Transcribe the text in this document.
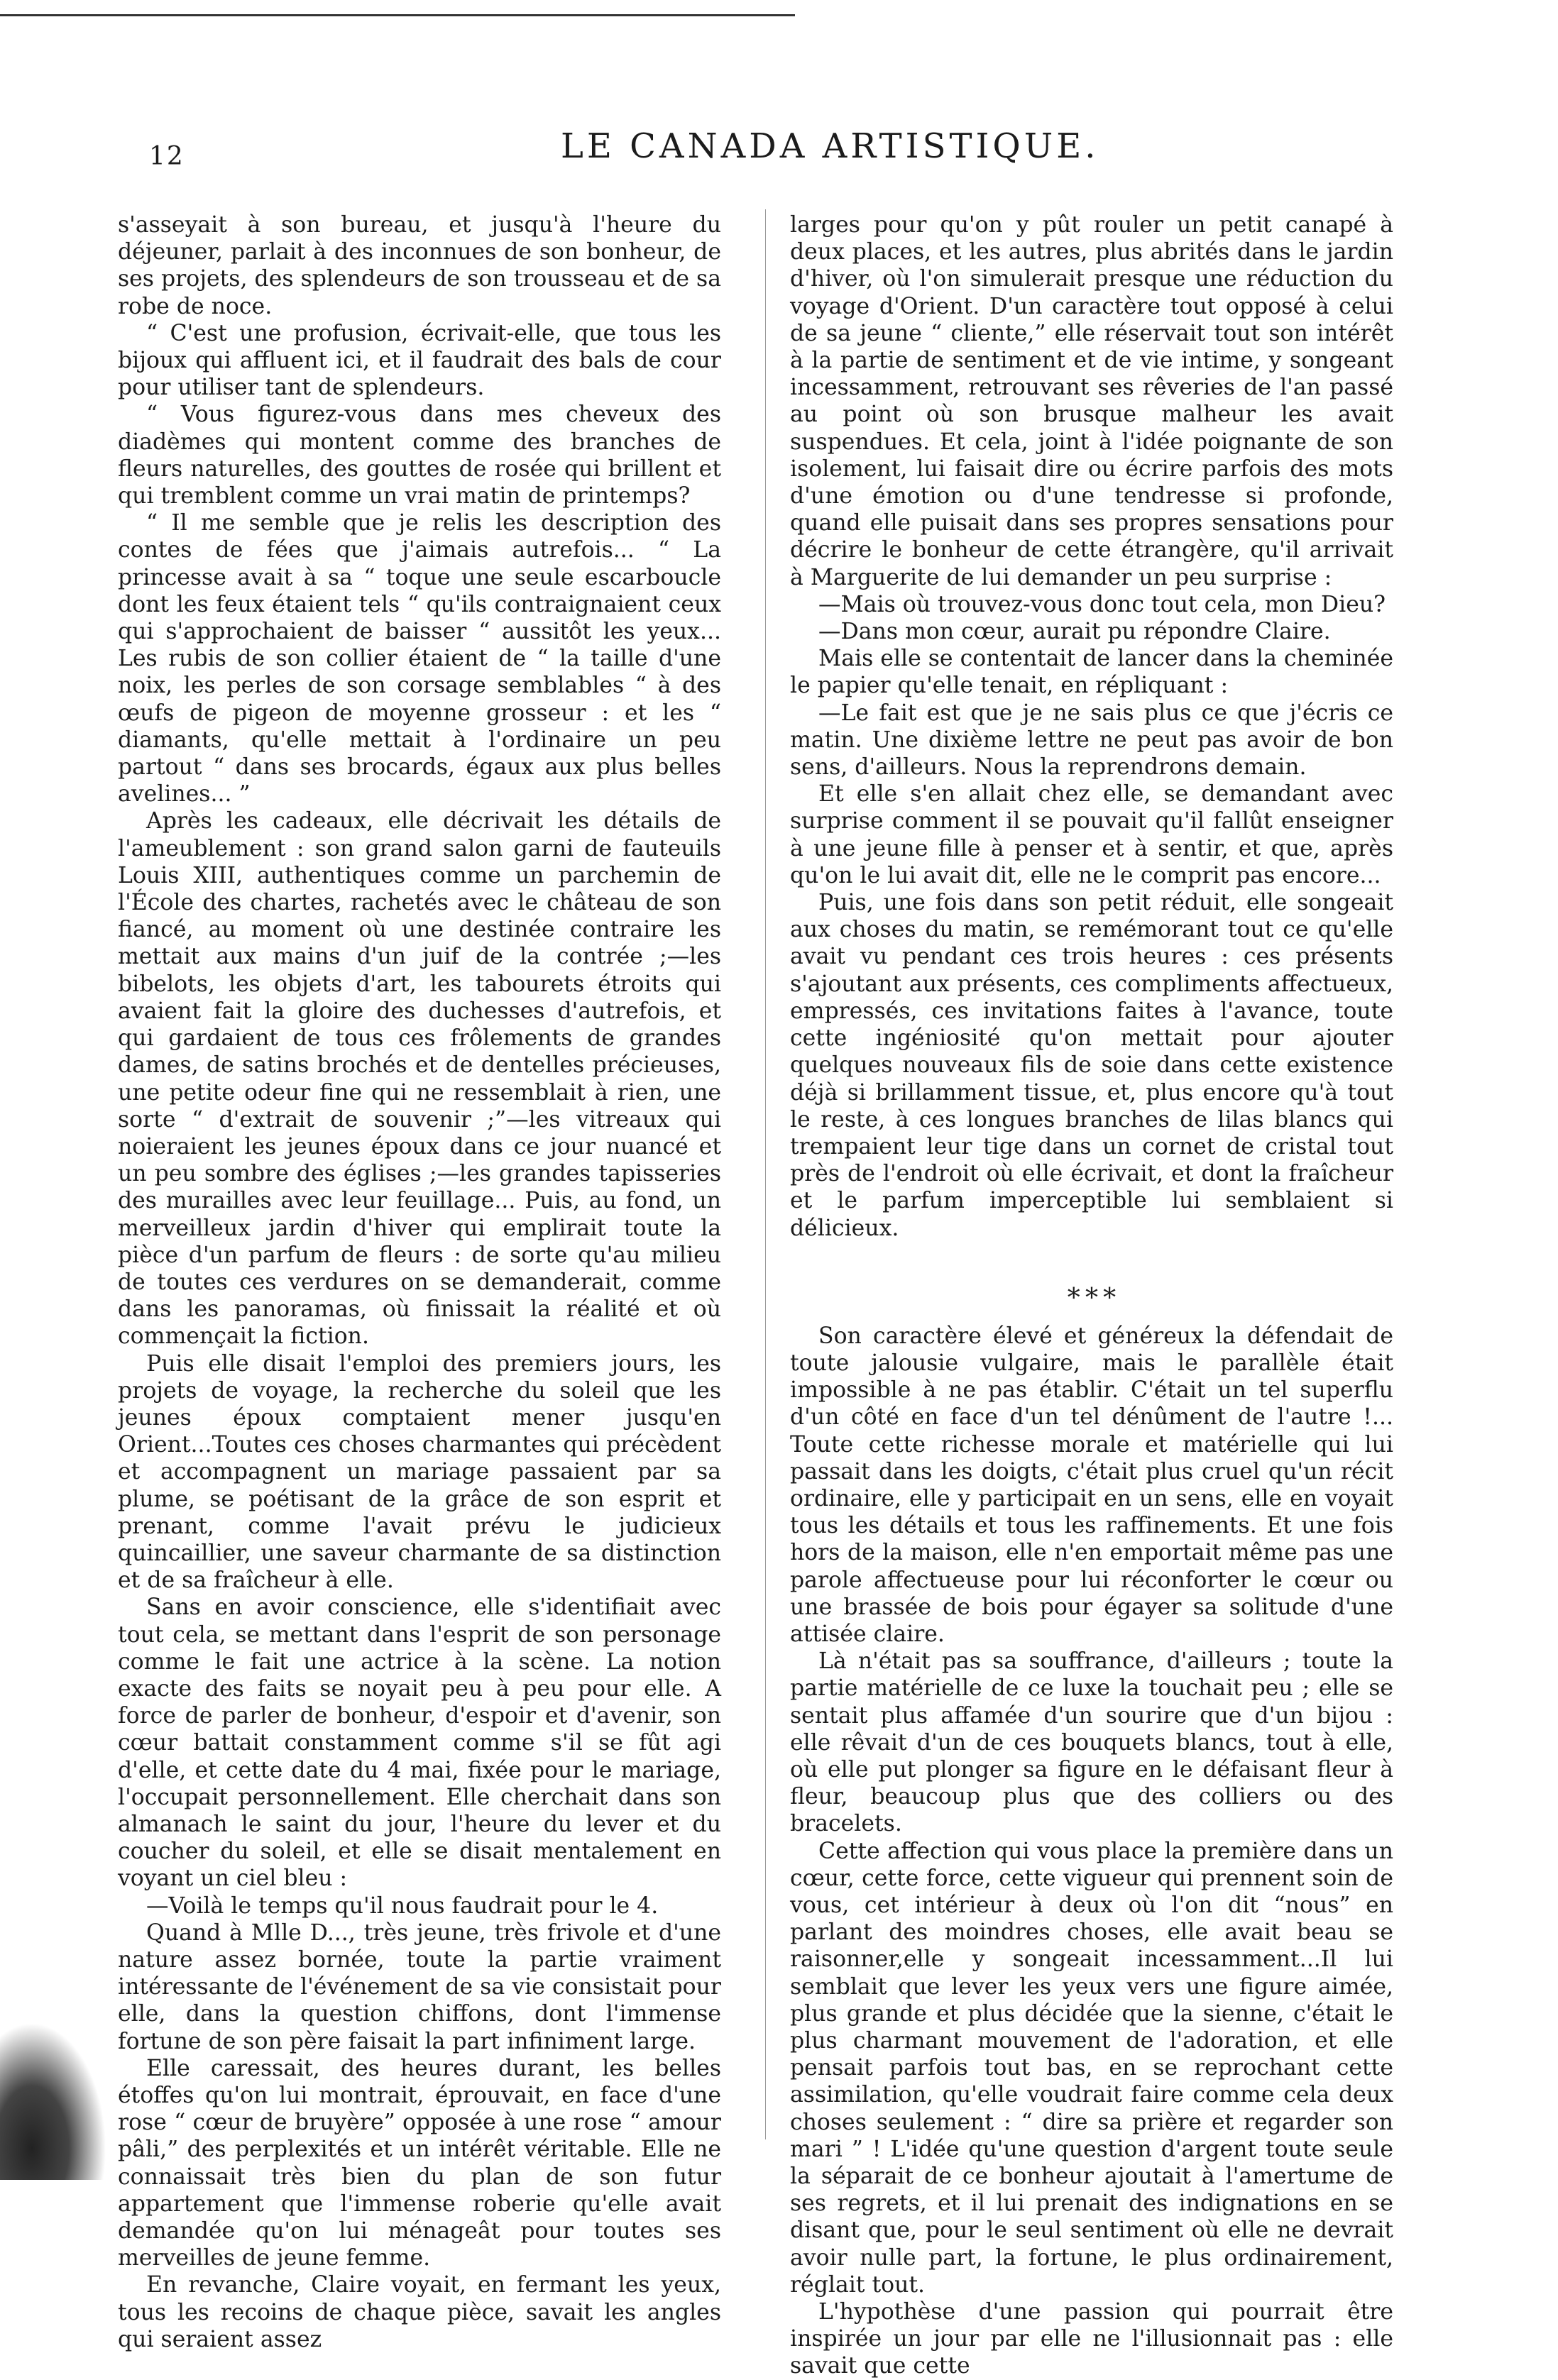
12	LE CANADA ARTISTIQUE.

s'asseyait à son bureau, et jusqu'à l'heure du déjeuner, parlait à des inconnues de son bonheur, de ses projets, des splendeurs de son trousseau et de sa robe de noce.

“ C'est une profusion, écrivait-elle, que tous les bijoux qui affluent ici, et il faudrait des bals de cour pour utiliser tant de splendeurs.

“ Vous figurez-vous dans mes cheveux des diadèmes qui montent comme des branches de fleurs naturelles, des gouttes de rosée qui brillent et qui tremblent comme un vrai matin de printemps?

“ Il me semble que je relis les description des contes de fées que j'aimais autrefois... “ La princesse avait à sa “ toque une seule escarboucle dont les feux étaient tels “ qu'ils contraignaient ceux qui s'approchaient de baisser “ aussitôt les yeux... Les rubis de son collier étaient de “ la taille d'une noix, les perles de son corsage semblables “ à des œufs de pigeon de moyenne grosseur : et les “ diamants, qu'elle mettait à l'ordinaire un peu partout “ dans ses brocards, égaux aux plus belles avelines... ”

Après les cadeaux, elle décrivait les détails de l'ameublement : son grand salon garni de fauteuils Louis XIII, authentiques comme un parchemin de l'École des chartes, rachetés avec le château de son fiancé, au moment où une destinée contraire les mettait aux mains d'un juif de la contrée ;—les bibelots, les objets d'art, les tabourets étroits qui avaient fait la gloire des duchesses d'autrefois, et qui gardaient de tous ces frôlements de grandes dames, de satins brochés et de dentelles précieuses, une petite odeur fine qui ne ressemblait à rien, une sorte “ d'extrait de souvenir ;”—les vitreaux qui noieraient les jeunes époux dans ce jour nuancé et un peu sombre des églises ;—les grandes tapisseries des murailles avec leur feuillage... Puis, au fond, un merveilleux jardin d'hiver qui emplirait toute la pièce d'un parfum de fleurs : de sorte qu'au milieu de toutes ces verdures on se demanderait, comme dans les panoramas, où finissait la réalité et où commençait la fiction.

Puis elle disait l'emploi des premiers jours, les projets de voyage, la recherche du soleil que les jeunes époux comptaient mener jusqu'en Orient...Toutes ces choses charmantes qui précèdent et accompagnent un mariage passaient par sa plume, se poétisant de la grâce de son esprit et prenant, comme l'avait prévu le judicieux quincaillier, une saveur charmante de sa distinction et de sa fraîcheur à elle.

Sans en avoir conscience, elle s'identifiait avec tout cela, se mettant dans l'esprit de son personage comme le fait une actrice à la scène. La notion exacte des faits se noyait peu à peu pour elle. A force de parler de bonheur, d'espoir et d'avenir, son cœur battait constamment comme s'il se fût agi d'elle, et cette date du 4 mai, fixée pour le mariage, l'occupait personnellement. Elle cherchait dans son almanach le saint du jour, l'heure du lever et du coucher du soleil, et elle se disait mentalement en voyant un ciel bleu :

—Voilà le temps qu'il nous faudrait pour le 4.

Quand à Mlle D..., très jeune, très frivole et d'une nature assez bornée, toute la partie vraiment intéressante de l'événement de sa vie consistait pour elle, dans la question chiffons, dont l'immense fortune de son père faisait la part infiniment large.

Elle caressait, des heures durant, les belles étoffes qu'on lui montrait, éprouvait, en face d'une rose “ cœur de bruyère” opposée à une rose “ amour pâli,” des perplexités et un intérêt véritable. Elle ne connaissait très bien du plan de son futur appartement que l'immense roberie qu'elle avait demandée qu'on lui ménageât pour toutes ses merveilles de jeune femme.

En revanche, Claire voyait, en fermant les yeux, tous les recoins de chaque pièce, savait les angles qui seraient assez

larges pour qu'on y pût rouler un petit canapé à deux places, et les autres, plus abrités dans le jardin d'hiver, où l'on simulerait presque une réduction du voyage d'Orient. D'un caractère tout opposé à celui de sa jeune “ cliente,” elle réservait tout son intérêt à la partie de sentiment et de vie intime, y songeant incessamment, retrouvant ses rêveries de l'an passé au point où son brusque malheur les avait suspendues. Et cela, joint à l'idée poignante de son isolement, lui faisait dire ou écrire parfois des mots d'une émotion ou d'une tendresse si profonde, quand elle puisait dans ses propres sensations pour décrire le bonheur de cette étrangère, qu'il arrivait à Marguerite de lui demander un peu surprise :

—Mais où trouvez-vous donc tout cela, mon Dieu?

—Dans mon cœur, aurait pu répondre Claire.

Mais elle se contentait de lancer dans la cheminée le papier qu'elle tenait, en répliquant :

—Le fait est que je ne sais plus ce que j'écris ce matin. Une dixième lettre ne peut pas avoir de bon sens, d'ailleurs. Nous la reprendrons demain.

Et elle s'en allait chez elle, se demandant avec surprise comment il se pouvait qu'il fallût enseigner à une jeune fille à penser et à sentir, et que, après qu'on le lui avait dit, elle ne le comprit pas encore...

Puis, une fois dans son petit réduit, elle songeait aux choses du matin, se remémorant tout ce qu'elle avait vu pendant ces trois heures : ces présents s'ajoutant aux présents, ces compliments affectueux, empressés, ces invitations faites à l'avance, toute cette ingéniosité qu'on mettait pour ajouter quelques nouveaux fils de soie dans cette existence déjà si brillamment tissue, et, plus encore qu'à tout le reste, à ces longues branches de lilas blancs qui trempaient leur tige dans un cornet de cristal tout près de l'endroit où elle écrivait, et dont la fraîcheur et le parfum imperceptible lui semblaient si délicieux.

* * *

Son caractère élevé et généreux la défendait de toute jalousie vulgaire, mais le parallèle était impossible à ne pas établir. C'était un tel superflu d'un côté en face d'un tel dénûment de l'autre !... Toute cette richesse morale et matérielle qui lui passait dans les doigts, c'était plus cruel qu'un récit ordinaire, elle y participait en un sens, elle en voyait tous les détails et tous les raffinements. Et une fois hors de la maison, elle n'en emportait même pas une parole affectueuse pour lui réconforter le cœur ou une brassée de bois pour égayer sa solitude d'une attisée claire.

Là n'était pas sa souffrance, d'ailleurs ; toute la partie matérielle de ce luxe la touchait peu ; elle se sentait plus affamée d'un sourire que d'un bijou : elle rêvait d'un de ces bouquets blancs, tout à elle, où elle put plonger sa figure en le défaisant fleur à fleur, beaucoup plus que des colliers ou des bracelets.

Cette affection qui vous place la première dans un cœur, cette force, cette vigueur qui prennent soin de vous, cet intérieur à deux où l'on dit “nous” en parlant des moindres choses, elle avait beau se raisonner,elle y songeait incessamment...Il lui semblait que lever les yeux vers une figure aimée, plus grande et plus décidée que la sienne, c'était le plus charmant mouvement de l'adoration, et elle pensait parfois tout bas, en se reprochant cette assimilation, qu'elle voudrait faire comme cela deux choses seulement : “ dire sa prière et regarder son mari ” ! L'idée qu'une question d'argent toute seule la séparait de ce bonheur ajoutait à l'amertume de ses regrets, et il lui prenait des indignations en se disant que, pour le seul sentiment où elle ne devrait avoir nulle part, la fortune, le plus ordinairement, réglait tout.

L'hypothèse d'une passion qui pourrait être inspirée un jour par elle ne l'illusionnait pas : elle savait que cette
